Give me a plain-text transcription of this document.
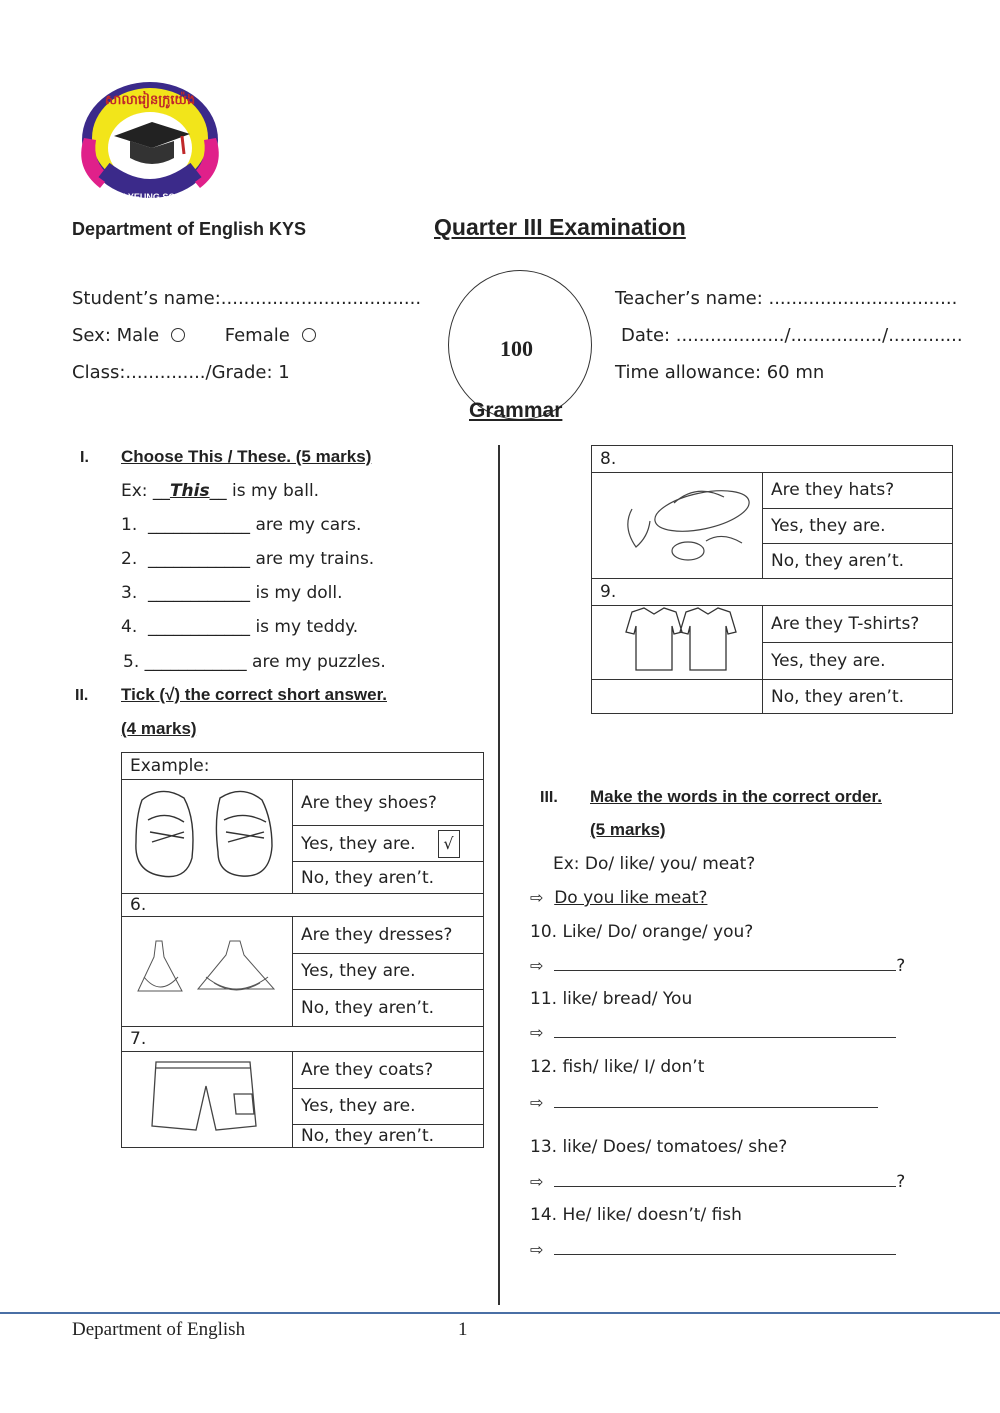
សាលារៀនក្រូយ៉េង
KROU YEUNG SCHOOL
Department of English KYS	Quarter III Examination
Student’s name:...................................
Sex: Male	Female
Class:............../Grade: 1
Teacher’s name: .................................
Date: .................../................/.............
Time allowance: 60 mn
100
Grammar
I. Choose This / These. (5 marks)
Ex: __This__ is my ball.
1. ____________ are my cars.
2. ____________ are my trains.
3. ____________ is my doll.
4. ____________ is my teddy.
5. ____________ are my puzzles.
II. Tick (√) the correct short answer.
(4 marks)
Example:	
	Are they shoes?
	Yes, they are. √
	No, they aren’t.
6.	
	Are they dresses?
	Yes, they are.
	No, they aren’t.
7.	
	Are they coats?
	Yes, they are.
	No, they aren’t.
8.	
	Are they hats?
	Yes, they are.
	No, they aren’t.
9.	
	Are they T-shirts?
	Yes, they are.
	No, they aren’t.
III. Make the words in the correct order.
(5 marks)
Ex: Do/ like/ you/ meat?
⇨ Do you like meat?
10. Like/ Do/ orange/ you?
⇨	?
11. like/ bread/ You
⇨
12. fish/ like/ I/ don’t
⇨
13. like/ Does/ tomatoes/ she?
⇨	?
14. He/ like/ doesn’t/ fish
⇨
Department of English	1
